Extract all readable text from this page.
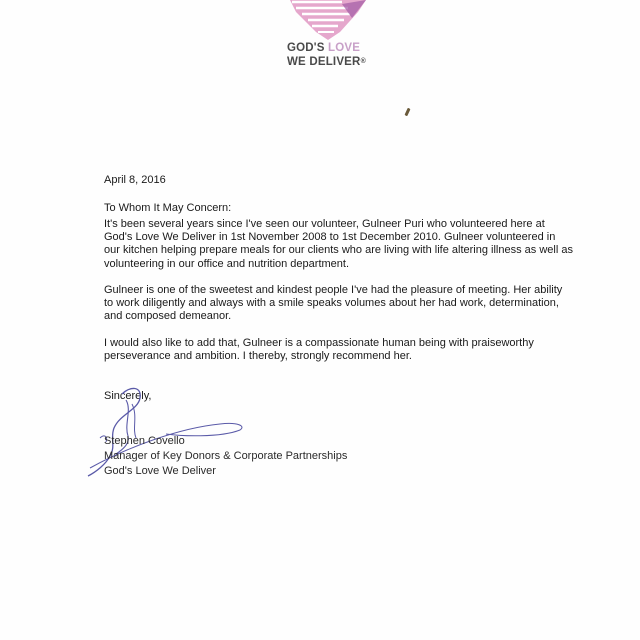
GOD'S LOVE
WE DELIVER®

April 8, 2016

To Whom It May Concern:

It's been several years since I've seen our volunteer, Gulneer Puri who volunteered here at God's Love We Deliver in 1st November 2008 to 1st December 2010. Gulneer volunteered in our kitchen helping prepare meals for our clients who are living with life altering illness as well as volunteering in our office and nutrition department.

Gulneer is one of the sweetest and kindest people I've had the pleasure of meeting. Her ability to work diligently and always with a smile speaks volumes about her had work, determination, and composed demeanor.

I would also like to add that, Gulneer is a compassionate human being with praiseworthy perseverance and ambition. I thereby, strongly recommend her.

Sincerely,

Stephen Covello
Manager of Key Donors & Corporate Partnerships
God's Love We Deliver
